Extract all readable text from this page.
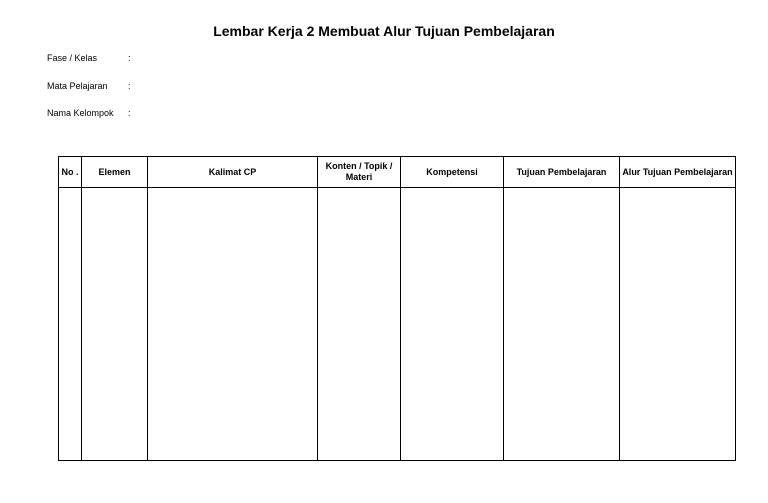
Lembar Kerja 2 Membuat Alur Tujuan Pembelajaran
Fase / Kelas	:
Mata Pelajaran :
Nama Kelompok :
No .	Elemen	Kalimat CP	Konten / Topik / Materi	Kompetensi	Tujuan Pembelajaran	Alur Tujuan Pembelajaran
